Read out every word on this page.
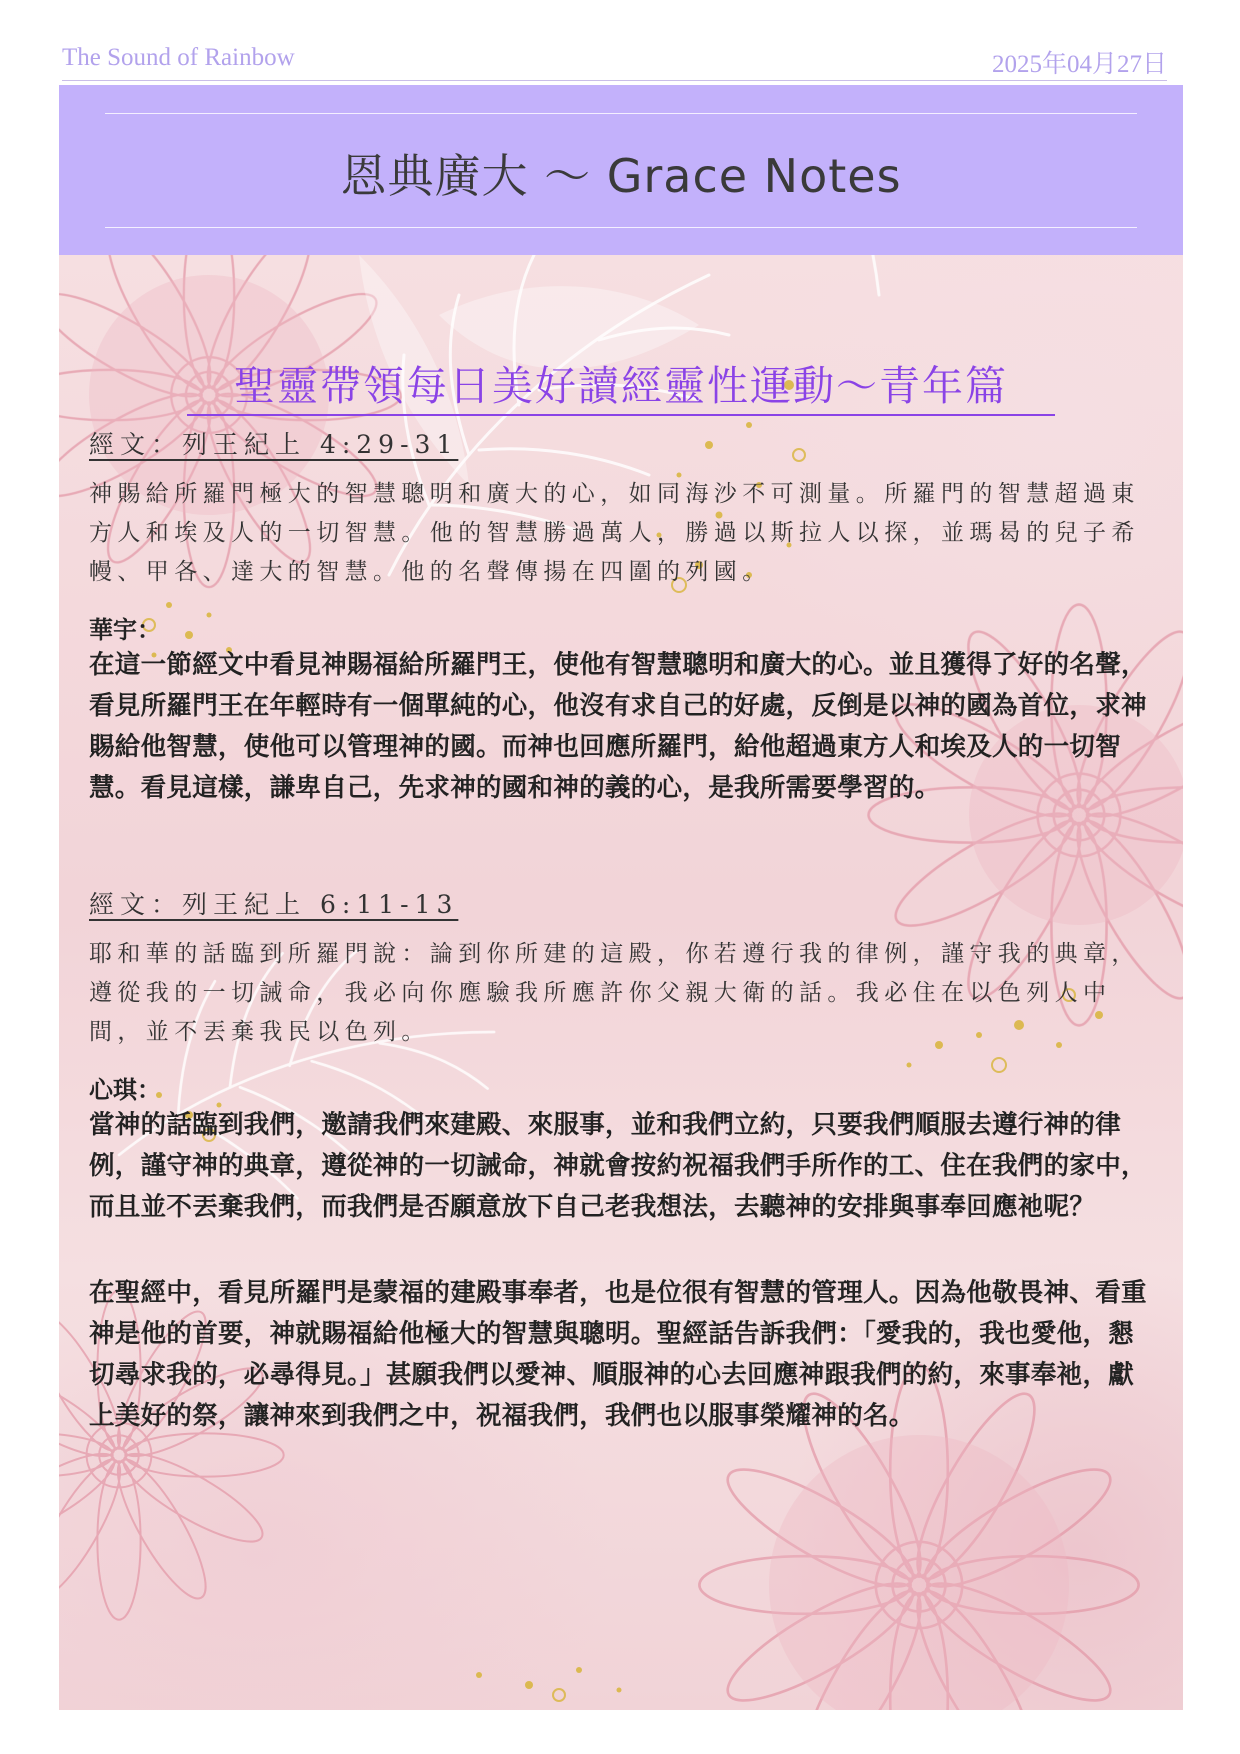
The Sound of Rainbow	2025年04月27日
恩典廣大 ～ Grace Notes
聖靈帶領每日美好讀經靈性運動～青年篇
經文：列王紀上 4:29-31
神賜給所羅門極大的智慧聰明和廣大的心，如同海沙不可測量。所羅門的智慧超過東方人和埃及人的一切智慧。他的智慧勝過萬人，勝過以斯拉人以探，並瑪曷的兒子希幔、甲各、達大的智慧。他的名聲傳揚在四圍的列國。
華宇：
在這一節經文中看見神賜福給所羅門王，使他有智慧聰明和廣大的心。並且獲得了好的名聲，看見所羅門王在年輕時有一個單純的心，他沒有求自己的好處，反倒是以神的國為首位，求神賜給他智慧，使他可以管理神的國。而神也回應所羅門，給他超過東方人和埃及人的一切智慧。看見這樣，謙卑自己，先求神的國和神的義的心，是我所需要學習的。
經文：列王紀上 6:11-13
耶和華的話臨到所羅門說：論到你所建的這殿，你若遵行我的律例，謹守我的典章，遵從我的一切誡命，我必向你應驗我所應許你父親大衛的話。我必住在以色列人中間，並不丟棄我民以色列。
心琪：
當神的話臨到我們，邀請我們來建殿、來服事，並和我們立約，只要我們順服去遵行神的律例，謹守神的典章，遵從神的一切誡命，神就會按約祝福我們手所作的工、住在我們的家中，而且並不丟棄我們，而我們是否願意放下自己老我想法，去聽神的安排與事奉回應祂呢？
在聖經中，看見所羅門是蒙福的建殿事奉者，也是位很有智慧的管理人。因為他敬畏神、看重神是他的首要，神就賜福給他極大的智慧與聰明。聖經話告訴我們：「愛我的，我也愛他，懇切尋求我的，必尋得見。」甚願我們以愛神、順服神的心去回應神跟我們的約，來事奉祂，獻上美好的祭，讓神來到我們之中，祝福我們，我們也以服事榮耀神的名。
